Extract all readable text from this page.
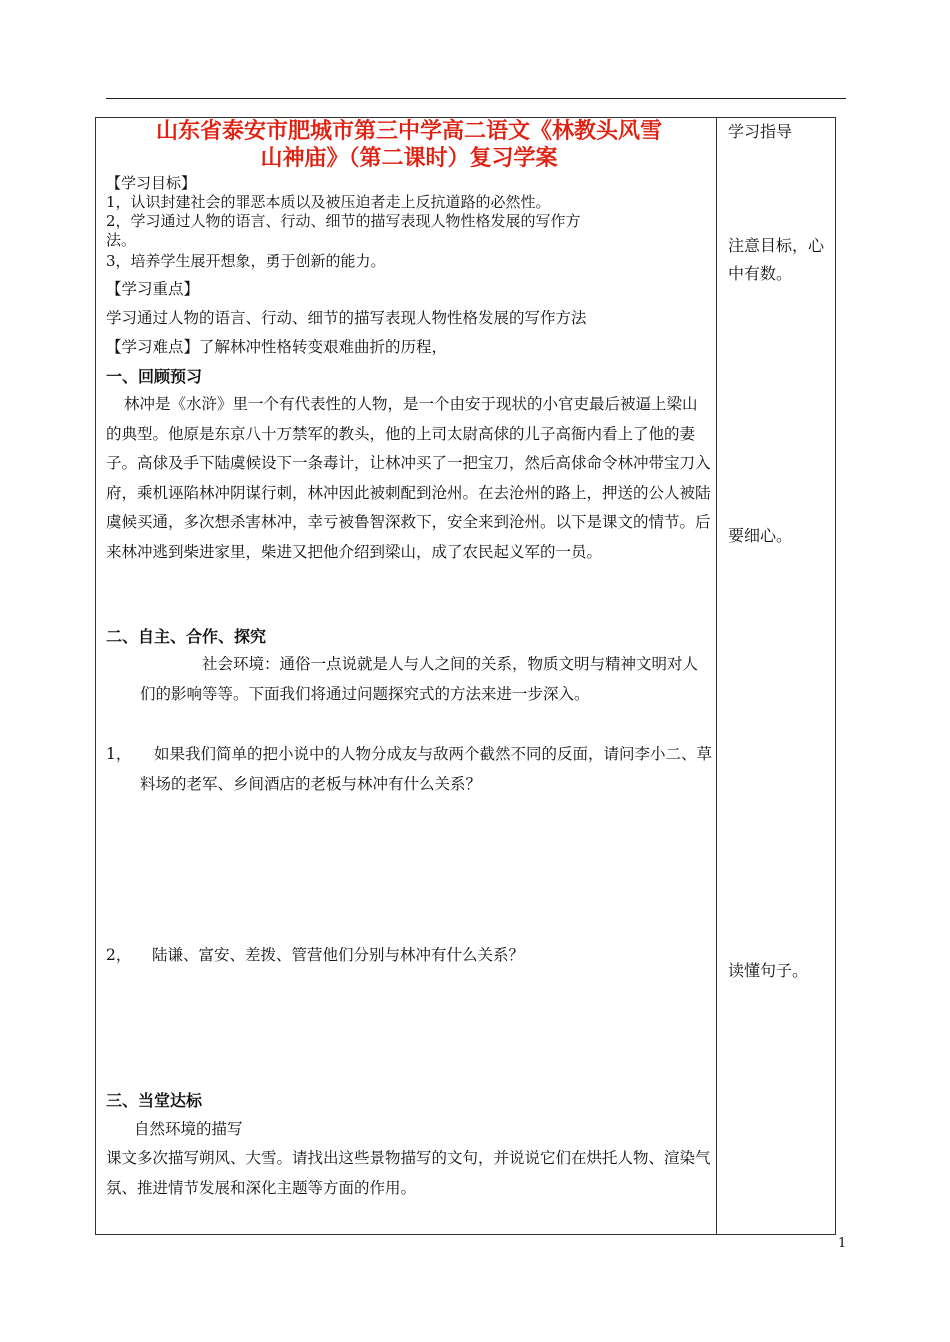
山东省泰安市肥城市第三中学高二语文《林教头风雪
山神庙》（第二课时）复习学案
【学习目标】
1，认识封建社会的罪恶本质以及被压迫者走上反抗道路的必然性。
2，学习通过人物的语言、行动、细节的描写表现人物性格发展的写作方
法。
3，培养学生展开想象，勇于创新的能力。
【学习重点】
学习通过人物的语言、行动、细节的描写表现人物性格发展的写作方法
【学习难点】了解林冲性格转变艰难曲折的历程，
一、回顾预习
林冲是《水浒》里一个有代表性的人物，是一个由安于现状的小官吏最后被逼上梁山的典型。他原是东京八十万禁军的教头，他的上司太尉高俅的儿子高衙内看上了他的妻子。高俅及手下陆虞候设下一条毒计，让林冲买了一把宝刀，然后高俅命令林冲带宝刀入府，乘机诬陷林冲阴谋行刺，林冲因此被刺配到沧州。在去沧州的路上，押送的公人被陆虞候买通，多次想杀害林冲，幸亏被鲁智深救下，安全来到沧州。以下是课文的情节。后来林冲逃到柴进家里，柴进又把他介绍到梁山，成了农民起义军的一员。
二、自主、合作、探究
社会环境：通俗一点说就是人与人之间的关系，物质文明与精神文明对人们的影响等等。下面我们将通过问题探究式的方法来进一步深入。
1，	如果我们简单的把小说中的人物分成友与敌两个截然不同的反面，请问李小二、草料场的老军、乡间酒店的老板与林冲有什么关系？
2， 陆谦、富安、差拨、管营他们分别与林冲有什么关系？
三、当堂达标
自然环境的描写
课文多次描写朔风、大雪。请找出这些景物描写的文句，并说说它们在烘托人物、渲染气氛、推进情节发展和深化主题等方面的作用。
学习指导
注意目标，心中有数。
要细心。
读懂句子。
1
